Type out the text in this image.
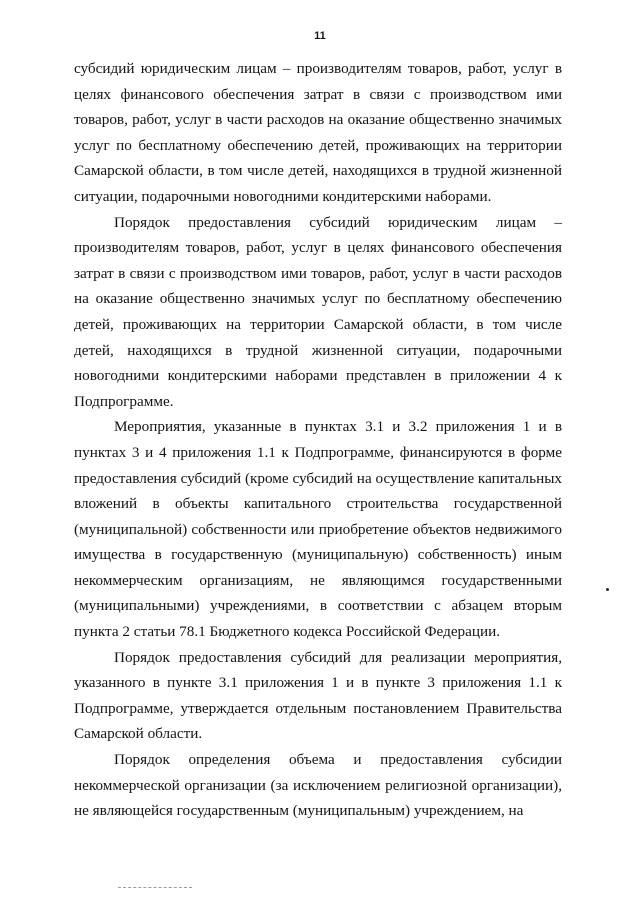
11

субсидий юридическим лицам – производителям товаров, работ, услуг в целях финансового обеспечения затрат в связи с производством ими товаров, работ, услуг в части расходов на оказание общественно значимых услуг по бесплатному обеспечению детей, проживающих на территории Самарской области, в том числе детей, находящихся в трудной жизненной ситуации, подарочными новогодними кондитерскими наборами.

Порядок предоставления субсидий юридическим лицам – производителям товаров, работ, услуг в целях финансового обеспечения затрат в связи с производством ими товаров, работ, услуг в части расходов на оказание общественно значимых услуг по бесплатному обеспечению детей, проживающих на территории Самарской области, в том числе детей, находящихся в трудной жизненной ситуации, подарочными новогодними кондитерскими наборами представлен в приложении 4 к Подпрограмме.

Мероприятия, указанные в пунктах 3.1 и 3.2 приложения 1 и в пунктах 3 и 4 приложения 1.1 к Подпрограмме, финансируются в форме предоставления субсидий (кроме субсидий на осуществление капитальных вложений в объекты капитального строительства государственной (муниципальной) собственности или приобретение объектов недвижимого имущества в государственную (муниципальную) собственность) иным некоммерческим организациям, не являющимся государственными (муниципальными) учреждениями, в соответствии с абзацем вторым пункта 2 статьи 78.1 Бюджетного кодекса Российской Федерации.

Порядок предоставления субсидий для реализации мероприятия, указанного в пункте 3.1 приложения 1 и в пункте 3 приложения 1.1 к Подпрограмме, утверждается отдельным постановлением Правительства Самарской области.

Порядок определения объема и предоставления субсидии некоммерческой организации (за исключением религиозной организации), не являющейся государственным (муниципальным) учреждением, на
